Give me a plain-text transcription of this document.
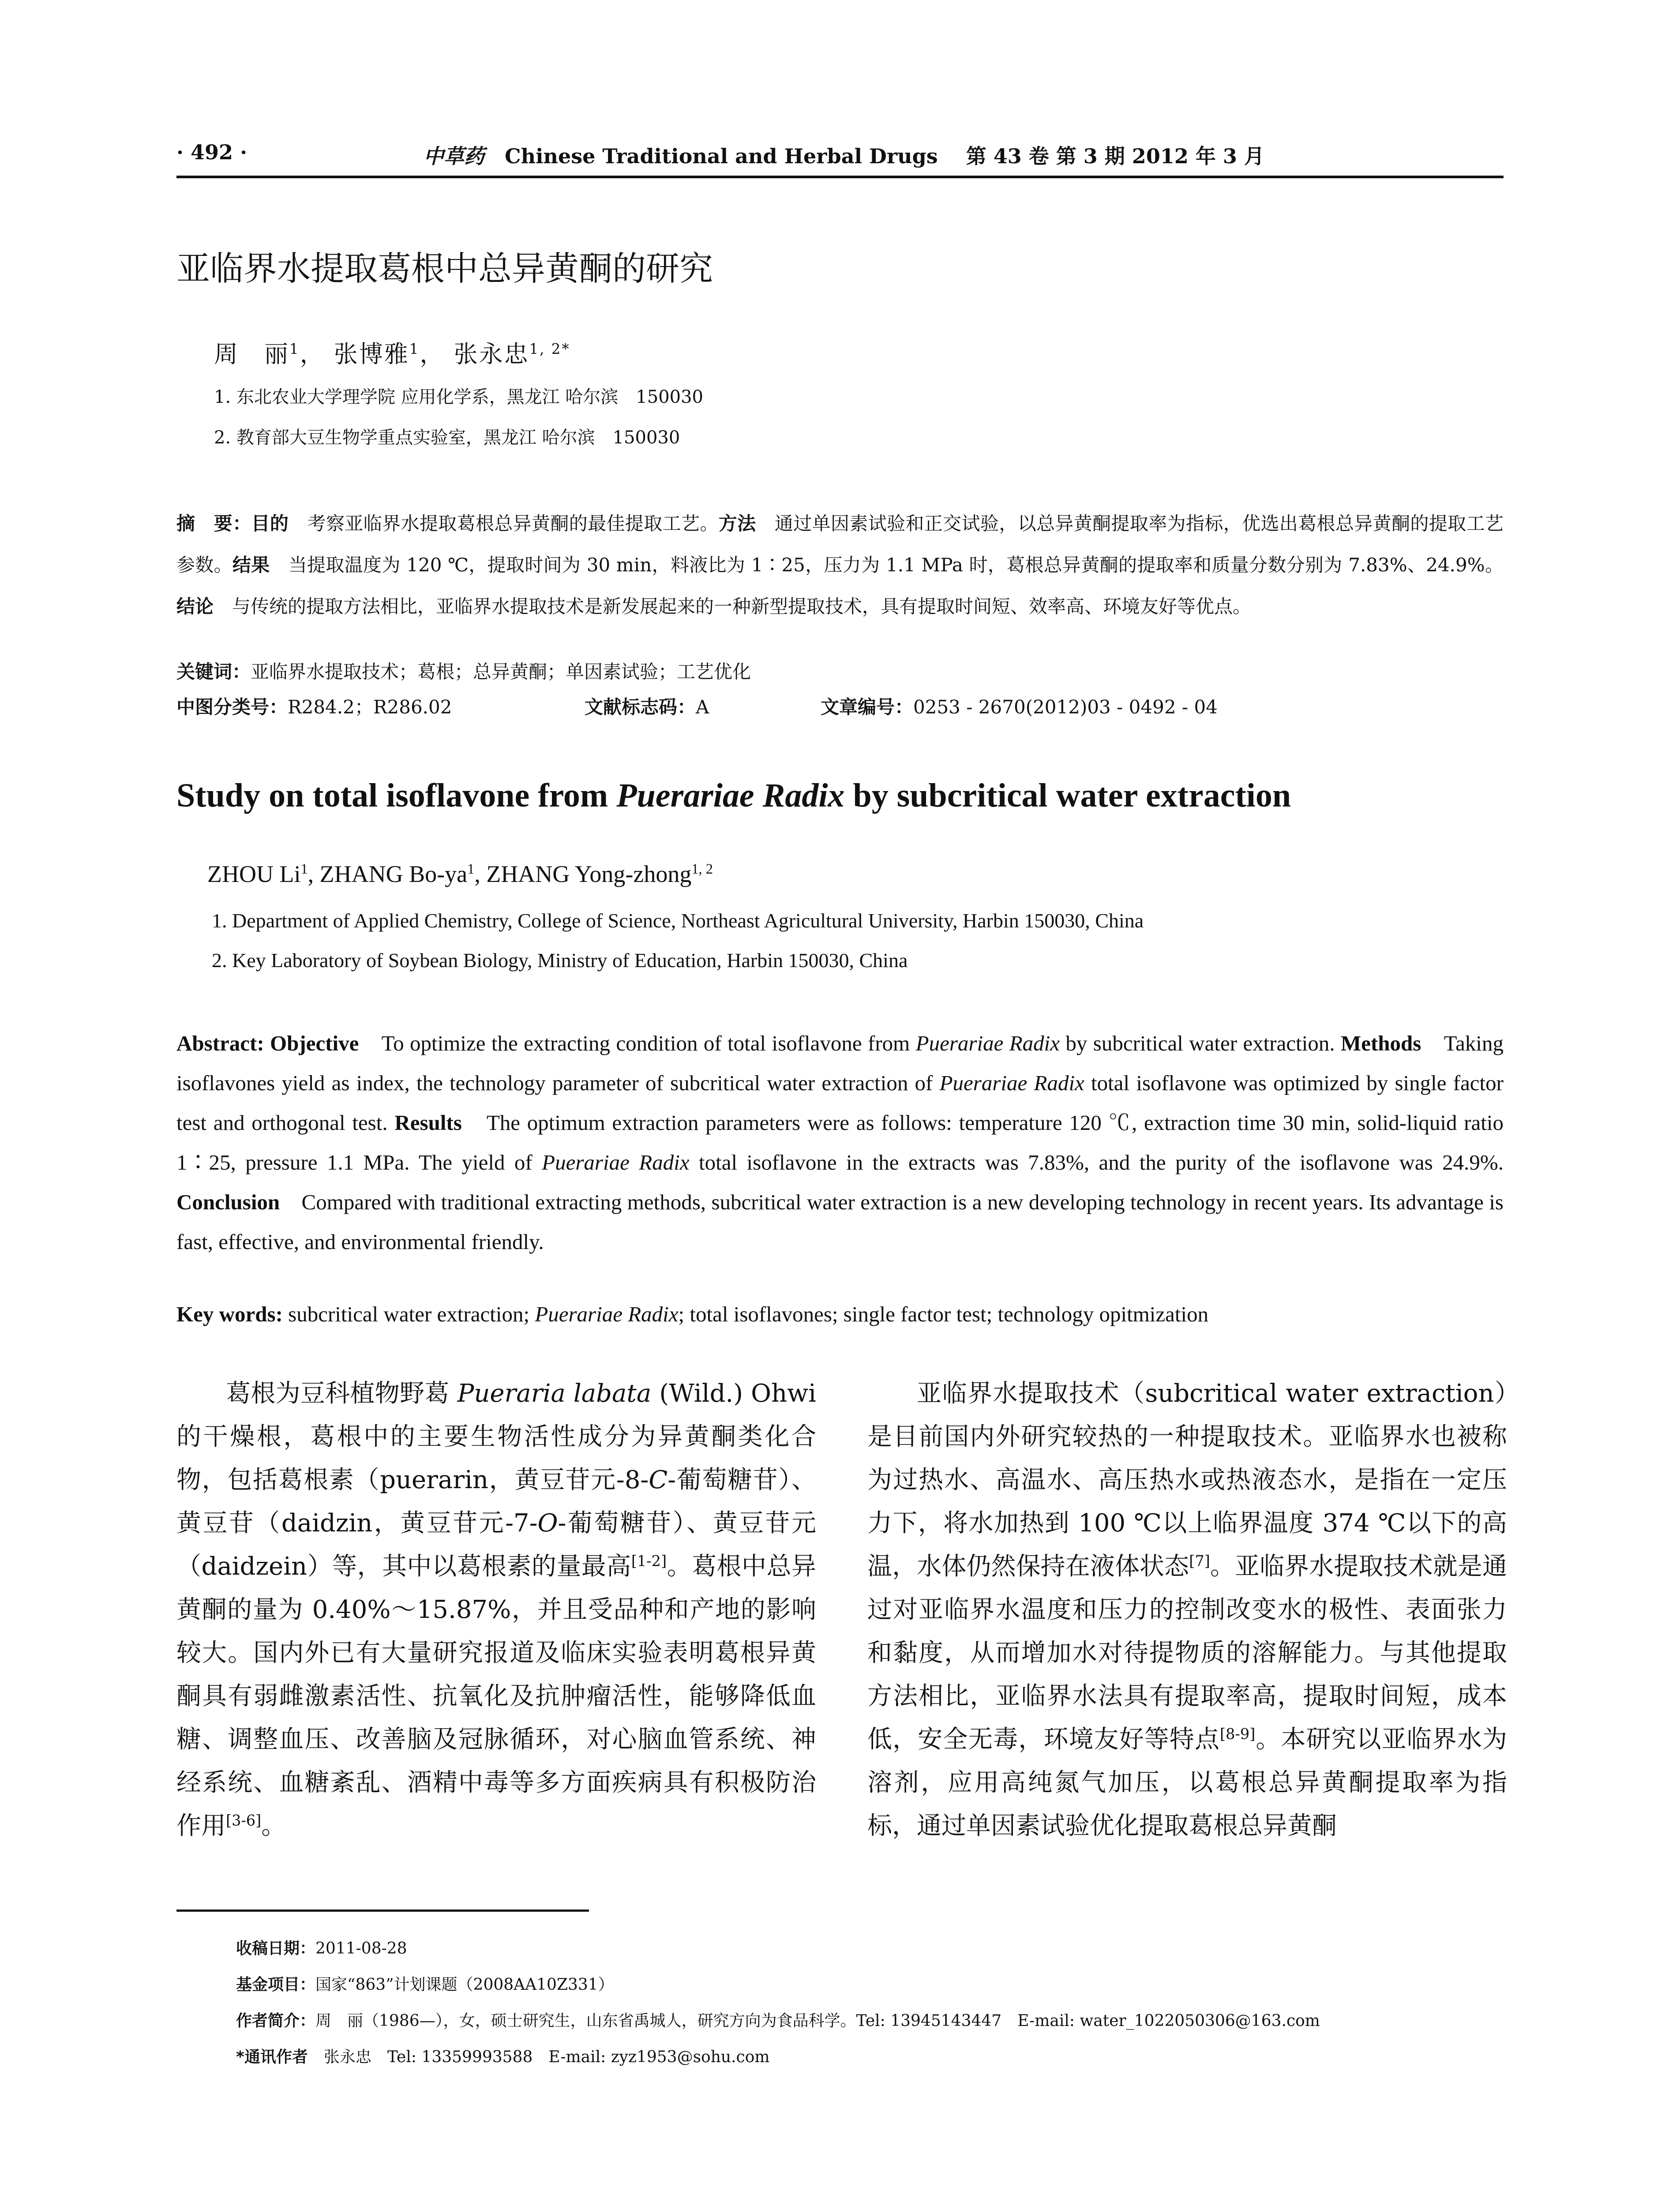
· 492 ·	中草药 Chinese Traditional and Herbal Drugs 第 43 卷 第 3 期 2012 年 3 月
亚临界水提取葛根中总异黄酮的研究
周　丽$^1$， 张博雅$^1$， 张永忠$^{1, 2*}$
1. 东北农业大学理学院 应用化学系，黑龙江 哈尔滨　150030
2. 教育部大豆生物学重点实验室，黑龙江 哈尔滨　150030
摘　要：目的　考察亚临界水提取葛根总异黄酮的最佳提取工艺。方法　通过单因素试验和正交试验，以总异黄酮提取率为指标，优选出葛根总异黄酮的提取工艺参数。结果　当提取温度为 120 ℃，提取时间为 30 min，料液比为 1∶25，压力为 1.1 MPa 时，葛根总异黄酮的提取率和质量分数分别为 7.83%、24.9%。结论　与传统的提取方法相比，亚临界水提取技术是新发展起来的一种新型提取技术，具有提取时间短、效率高、环境友好等优点。
关键词：亚临界水提取技术；葛根；总异黄酮；单因素试验；工艺优化
中图分类号：R284.2；R286.02	文献标志码：A	文章编号：0253 - 2670(2012)03 - 0492 - 04
Study on total isoflavone from Puerariae Radix by subcritical water extraction
ZHOU Li$^1$, ZHANG $Bo-ya^1$, ZHANG Yong-zhong$^{1, 2}$
1. Department of Applied Chemistry, College of Science, Northeast Agricultural University, Harbin 150030, China
2. Key Laboratory of Soybean Biology, Ministry of Education, Harbin 150030, China
Abstract: Objective　To optimize the extracting condition of total isoflavone from Puerariae Radix by subcritical water extraction. Methods　Taking isoflavones yield as index, the technology parameter of subcritical water extraction of Puerariae Radix total isoflavone was optimized by single factor test and orthogonal test. Results　The optimum extraction parameters were as follows: temperature 120 ℃, extraction time 30 min, solid-liquid ratio 1∶25, pressure 1.1 MPa. The yield of Puerariae Radix total isoflavone in the extracts was 7.83%, and the purity of the isoflavone was 24.9%. Conclusion　Compared with traditional extracting methods, subcritical water extraction is a new developing technology in recent years. Its advantage is fast, effective, and environmental friendly.
Key words: subcritical water extraction; Puerariae Radix; total isoflavones; single factor test; technology opitmization

葛根为豆科植物野葛 Pueraria labata (Wild.) Ohwi 的干燥根，葛根中的主要生物活性成分为异黄酮类化合物，包括葛根素（puerarin，黄豆苷元-8-C-葡萄糖苷）、黄豆苷（daidzin，黄豆苷元-7-O-葡萄糖苷）、黄豆苷元（daidzein）等，其中以葛根素的量最高[1-2]。葛根中总异黄酮的量为 0.40%～15.87%，并且受品种和产地的影响较大。国内外已有大量研究报道及临床实验表明葛根异黄酮具有弱雌激素活性、抗氧化及抗肿瘤活性，能够降低血糖、调整血压、改善脑及冠脉循环，对心脑血管系统、神经系统、血糖紊乱、酒精中毒等多方面疾病具有积极防治作用[3-6]。

亚临界水提取技术（subcritical water extraction）是目前国内外研究较热的一种提取技术。亚临界水也被称为过热水、高温水、高压热水或热液态水，是指在一定压力下，将水加热到 100 ℃以上临界温度 374 ℃以下的高温，水体仍然保持在液体状态[7]。亚临界水提取技术就是通过对亚临界水温度和压力的控制改变水的极性、表面张力和黏度，从而增加水对待提物质的溶解能力。与其他提取方法相比，亚临界水法具有提取率高，提取时间短，成本低，安全无毒，环境友好等特点[8-9]。本研究以亚临界水为溶剂，应用高纯氮气加压，以葛根总异黄酮提取率为指标，通过单因素试验优化提取葛根总异黄酮

收稿日期：2011-08-28
基金项目：国家“863”计划课题（2008AA10Z331）
作者简介：周　丽（1986—），女，硕士研究生，山东省禹城人，研究方向为食品科学。Tel: 13945143447　E-mail: water_1022050306@163.com
*通讯作者　张永忠　Tel: 13359993588　E-mail: zyz1953@sohu.com
